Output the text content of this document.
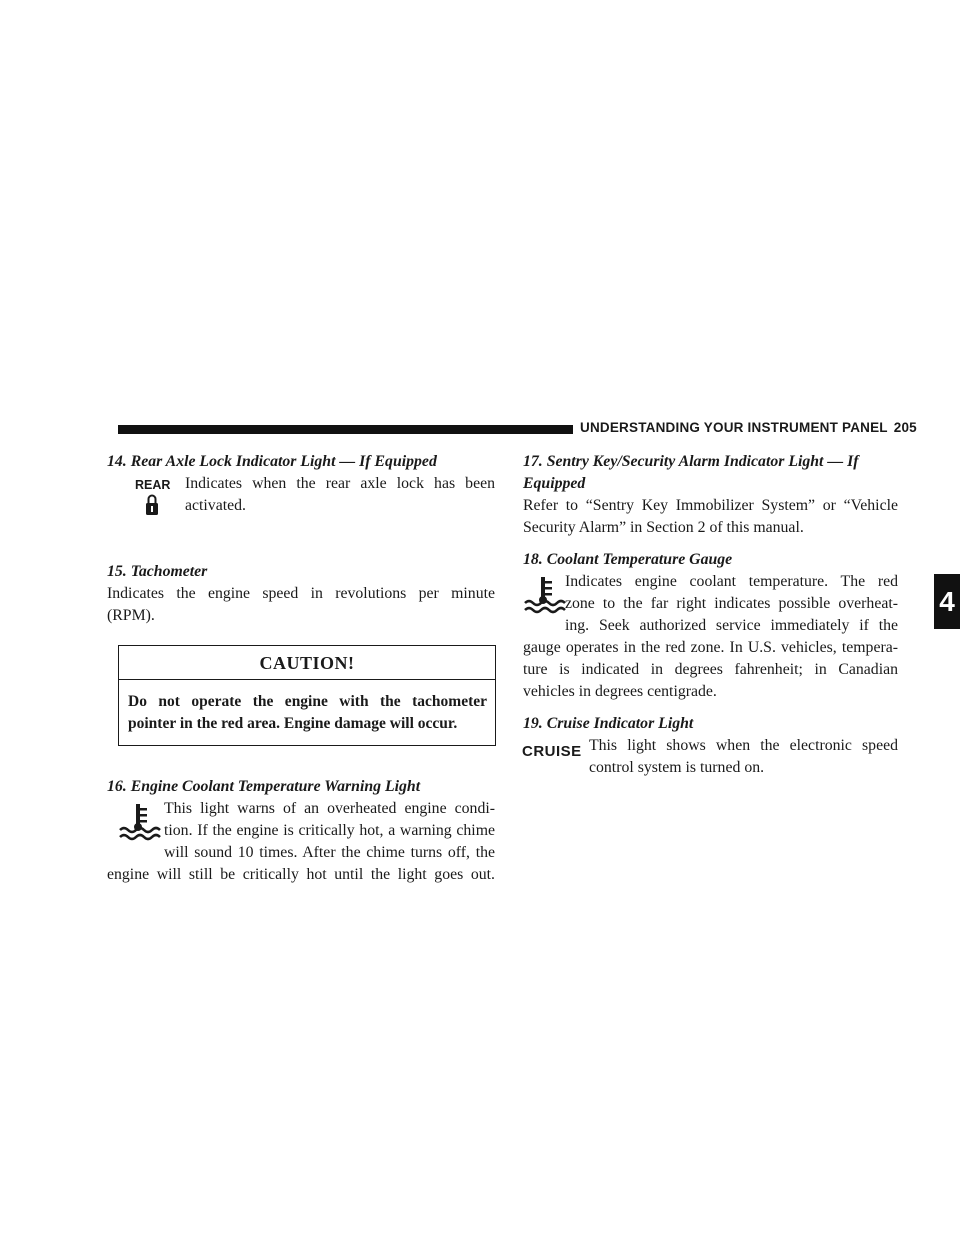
UNDERSTANDING YOUR INSTRUMENT PANEL 205
4

14. Rear Axle Lock Indicator Light — If Equipped

REAR Indicates when the rear axle lock has been
activated.

15. Tachometer

Indicates the engine speed in revolutions per minute
(RPM).
CAUTION!
Do not operate the engine with the tachometer
pointer in the red area. Engine damage will occur.

16. Engine Coolant Temperature Warning Light

This light warns of an overheated engine condi-
tion. If the engine is critically hot, a warning chime
will sound 10 times. After the chime turns off, the
engine will still be critically hot until the light goes out.

17. Sentry Key/Security Alarm Indicator Light — If

Equipped

Refer to “Sentry Key Immobilizer System” or “Vehicle
Security Alarm” in Section 2 of this manual.

18. Coolant Temperature Gauge

Indicates engine coolant temperature. The red
zone to the far right indicates possible overheat-
ing. Seek authorized service immediately if the
gauge operates in the red zone. In U.S. vehicles, tempera-
ture is indicated in degrees fahrenheit; in Canadian
vehicles in degrees centigrade.

19. Cruise Indicator Light

CRUISE This light shows when the electronic speed
control system is turned on.
